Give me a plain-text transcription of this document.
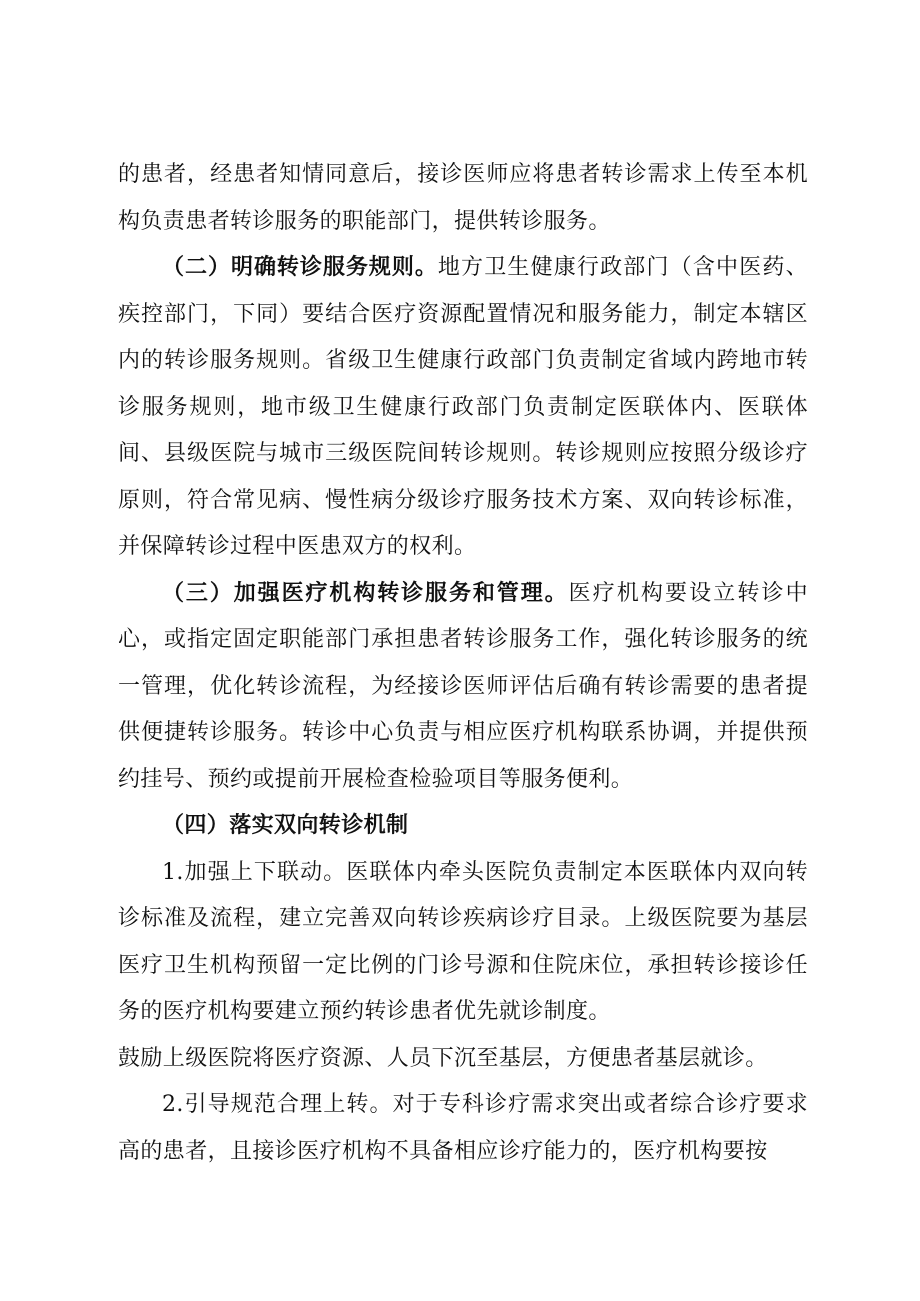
的患者，经患者知情同意后，接诊医师应将患者转诊需求上传至本机构负责患者转诊服务的职能部门，提供转诊服务。

（二）明确转诊服务规则。地方卫生健康行政部门（含中医药、疾控部门，下同）要结合医疗资源配置情况和服务能力，制定本辖区内的转诊服务规则。省级卫生健康行政部门负责制定省域内跨地市转诊服务规则，地市级卫生健康行政部门负责制定医联体内、医联体间、县级医院与城市三级医院间转诊规则。转诊规则应按照分级诊疗原则，符合常见病、慢性病分级诊疗服务技术方案、双向转诊标准，并保障转诊过程中医患双方的权利。

（三）加强医疗机构转诊服务和管理。医疗机构要设立转诊中心，或指定固定职能部门承担患者转诊服务工作，强化转诊服务的统一管理，优化转诊流程，为经接诊医师评估后确有转诊需要的患者提供便捷转诊服务。转诊中心负责与相应医疗机构联系协调，并提供预约挂号、预约或提前开展检查检验项目等服务便利。

（四）落实双向转诊机制

1.加强上下联动。医联体内牵头医院负责制定本医联体内双向转诊标准及流程，建立完善双向转诊疾病诊疗目录。上级医院要为基层医疗卫生机构预留一定比例的门诊号源和住院床位，承担转诊接诊任务的医疗机构要建立预约转诊患者优先就诊制度。

鼓励上级医院将医疗资源、人员下沉至基层，方便患者基层就诊。

2.引导规范合理上转。对于专科诊疗需求突出或者综合诊疗要求高的患者，且接诊医疗机构不具备相应诊疗能力的，医疗机构要按
